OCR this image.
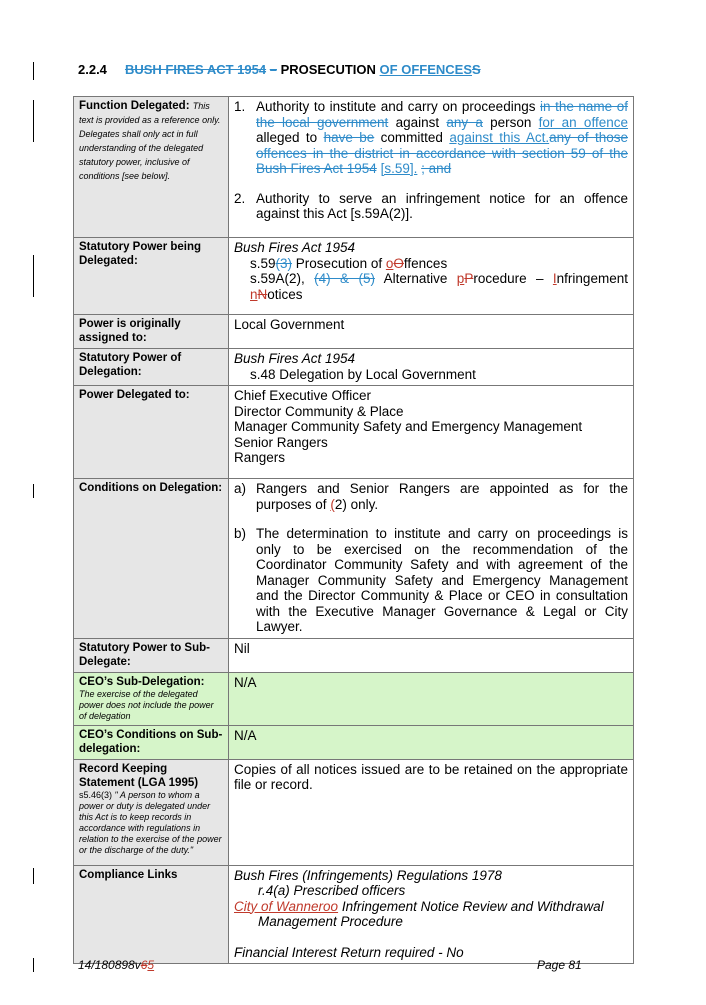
2.2.4 BUSH FIRES ACT 1954 – PROSECUTION OF OFFENCESS
Function Delegated: This text is provided as a reference only. Delegates shall only act in full understanding of the delegated statutory power, inclusive of conditions [see below].	1. Authority to institute and carry on proceedings in the name of the local government against any a person for an offence alleged to have be committed against this Act.any of those offences in the district in accordance with section 59 of the Bush Fires Act 1954 [s.59]. ; and
2. Authority to serve an infringement notice for an offence against this Act [s.59A(2)].

Statutory Power being Delegated:	Bush Fires Act 1954
s.59(3) Prosecution of oOffences
s.59A(2), (4) & (5) Alternative pProcedure – Infringement
nNotices

Power is originally assigned to:	Local Government
Statutory Power of Delegation:	Bush Fires Act 1954
s.48 Delegation by Local Government

Power Delegated to:	Chief Executive Officer
Director Community & Place
Manager Community Safety and Emergency Management
Senior Rangers
Rangers

Conditions on Delegation:	a) Rangers and Senior Rangers are appointed as for the purposes of (2) only.
b) The determination to institute and carry on proceedings is only to be exercised on the recommendation of the Coordinator Community Safety and with agreement of the Manager Community Safety and Emergency Management and the Director Community & Place or CEO in consultation with the Executive Manager Governance & Legal or City Lawyer.

Statutory Power to Sub-Delegate:	Nil

CEO’s Sub-Delegation:
The exercise of the delegated power does not include the power of delegation	N/A
CEO’s Conditions on Sub-delegation:	N/A

Record Keeping Statement (LGA 1995)
s5.46(3) " A person to whom a power or duty is delegated under this Act is to keep records in accordance with regulations in relation to the exercise of the power or the discharge of the duty."	Copies of all notices issued are to be retained on the appropriate file or record.
Compliance Links	Bush Fires (Infringements) Regulations 1978
r.4(a) Prescribed officers
City of Wanneroo Infringement Notice Review and Withdrawal
Management Procedure
Financial Interest Return required - No
14/180898v65	Page 81
